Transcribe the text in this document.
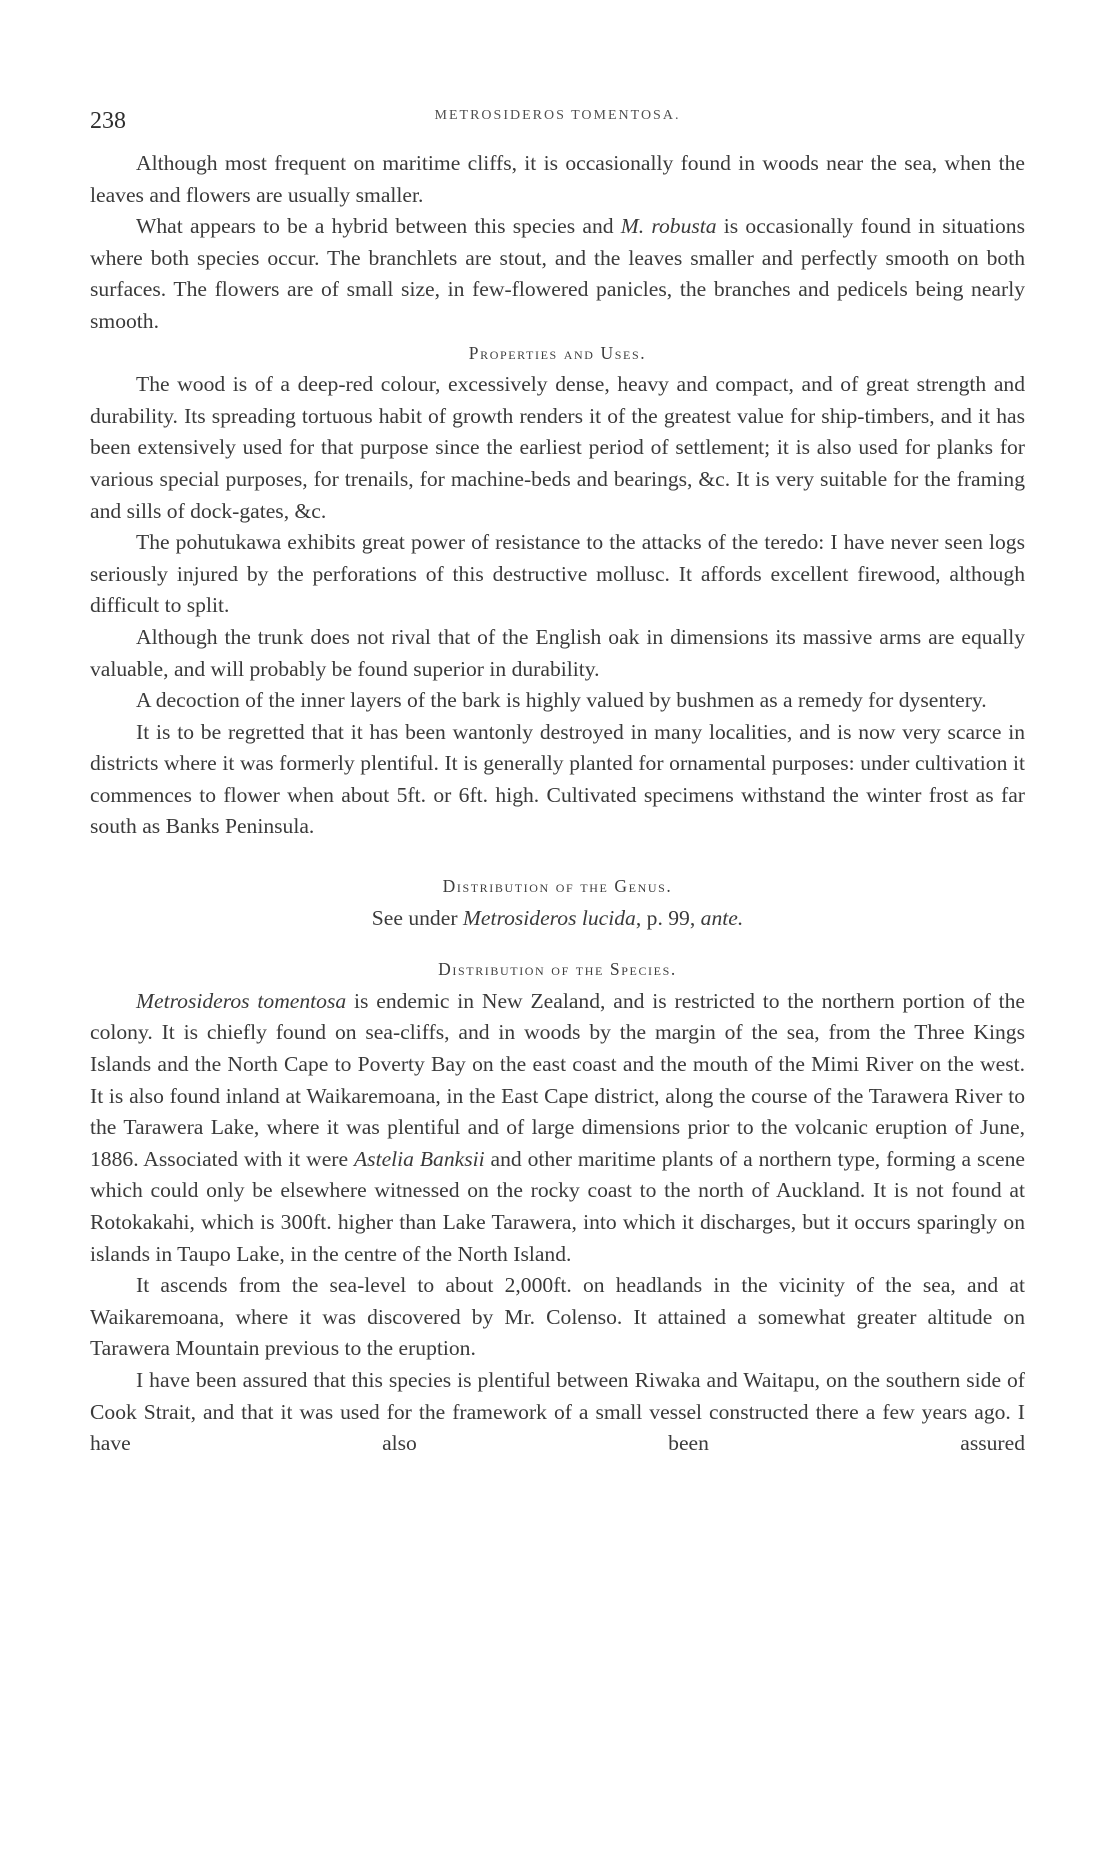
238	METROSIDEROS TOMENTOSA.

Although most frequent on maritime cliffs, it is occasionally found in woods near the sea, when the leaves and flowers are usually smaller.

What appears to be a hybrid between this species and M. robusta is occasionally found in situations where both species occur. The branchlets are stout, and the leaves smaller and perfectly smooth on both surfaces. The flowers are of small size, in few-flowered panicles, the branches and pedicels being nearly smooth.

Properties and Uses.

The wood is of a deep-red colour, excessively dense, heavy and compact, and of great strength and durability. Its spreading tortuous habit of growth renders it of the greatest value for ship-timbers, and it has been extensively used for that purpose since the earliest period of settlement; it is also used for planks for various special purposes, for trenails, for machine-beds and bearings, &c. It is very suitable for the framing and sills of dock-gates, &c.

The pohutukawa exhibits great power of resistance to the attacks of the teredo: I have never seen logs seriously injured by the perforations of this destructive mollusc. It affords excellent firewood, although difficult to split.

Although the trunk does not rival that of the English oak in dimensions its massive arms are equally valuable, and will probably be found superior in durability.

A decoction of the inner layers of the bark is highly valued by bushmen as a remedy for dysentery.

It is to be regretted that it has been wantonly destroyed in many localities, and is now very scarce in districts where it was formerly plentiful. It is generally planted for ornamental purposes: under cultivation it commences to flower when about 5ft. or 6ft. high. Cultivated specimens withstand the winter frost as far south as Banks Peninsula.

Distribution of the Genus.

See under Metrosideros lucida, p. 99, ante.

Distribution of the Species.

Metrosideros tomentosa is endemic in New Zealand, and is restricted to the northern portion of the colony. It is chiefly found on sea-cliffs, and in woods by the margin of the sea, from the Three Kings Islands and the North Cape to Poverty Bay on the east coast and the mouth of the Mimi River on the west. It is also found inland at Waikaremoana, in the East Cape district, along the course of the Tarawera River to the Tarawera Lake, where it was plentiful and of large dimensions prior to the volcanic eruption of June, 1886. Associated with it were Astelia Banksii and other maritime plants of a northern type, forming a scene which could only be elsewhere witnessed on the rocky coast to the north of Auckland. It is not found at Rotokakahi, which is 300ft. higher than Lake Tarawera, into which it discharges, but it occurs sparingly on islands in Taupo Lake, in the centre of the North Island.

It ascends from the sea-level to about 2,000ft. on headlands in the vicinity of the sea, and at Waikaremoana, where it was discovered by Mr. Colenso. It attained a somewhat greater altitude on Tarawera Mountain previous to the eruption.

I have been assured that this species is plentiful between Riwaka and Waitapu, on the southern side of Cook Strait, and that it was used for the framework of a small vessel constructed there a few years ago. I have also been assured
